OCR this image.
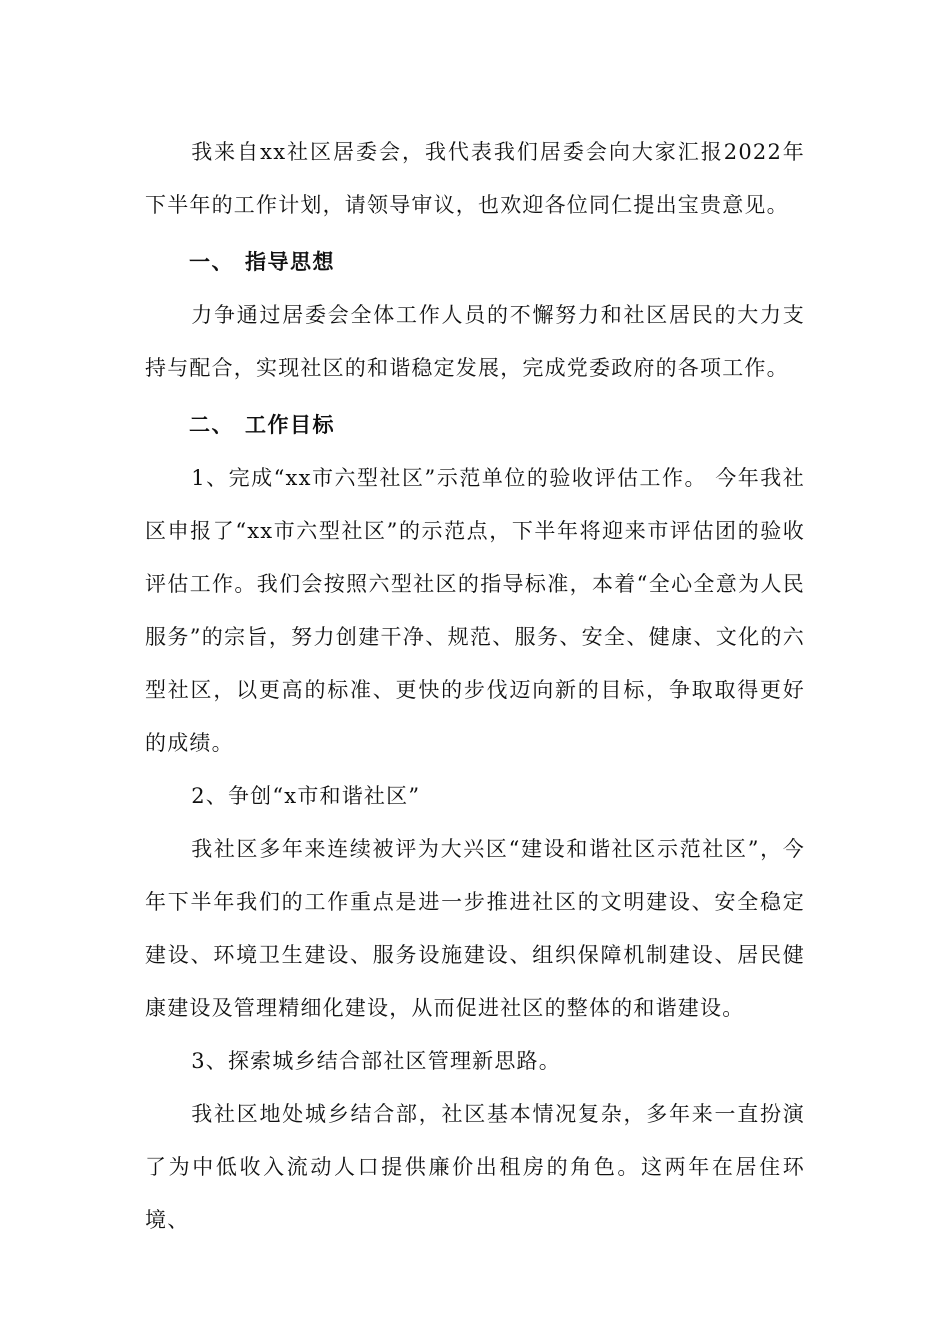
我来自xx社区居委会，我代表我们居委会向大家汇报2022年下半年的工作计划，请领导审议，也欢迎各位同仁提出宝贵意见。

一、 指导思想

力争通过居委会全体工作人员的不懈努力和社区居民的大力支持与配合，实现社区的和谐稳定发展，完成党委政府的各项工作。

二、 工作目标

1、完成“xx市六型社区”示范单位的验收评估工作。 今年我社区申报了“xx市六型社区”的示范点，下半年将迎来市评估团的验收评估工作。我们会按照六型社区的指导标准，本着“全心全意为人民服务”的宗旨，努力创建干净、规范、服务、安全、健康、文化的六型社区，以更高的标准、更快的步伐迈向新的目标，争取取得更好的成绩。

2、争创“x市和谐社区”

我社区多年来连续被评为大兴区“建设和谐社区示范社区”，今年下半年我们的工作重点是进一步推进社区的文明建设、安全稳定建设、环境卫生建设、服务设施建设、组织保障机制建设、居民健康建设及管理精细化建设，从而促进社区的整体的和谐建设。

3、探索城乡结合部社区管理新思路。

我社区地处城乡结合部，社区基本情况复杂，多年来一直扮演了为中低收入流动人口提供廉价出租房的角色。这两年在居住环境、
